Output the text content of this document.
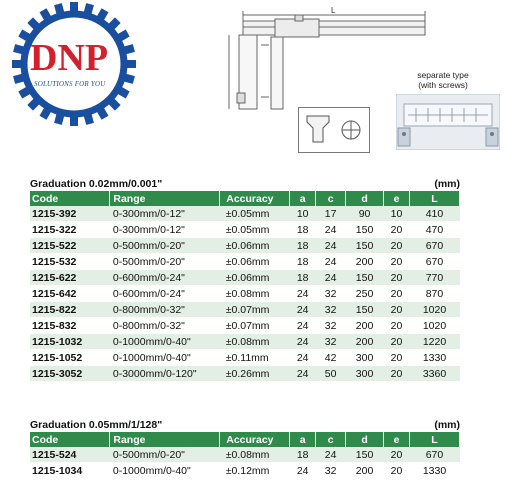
DNP
SOLUTIONS FOR YOU
L
separate type
(with screws)
Graduation 0.02mm/0.001"	(mm)
Code	Range	Accuracy	a	c	d	e	L
1215-392	0-300mm/0-12"	±0.05mm	10	17	90	10	410
1215-322	0-300mm/0-12"	±0.05mm	18	24	150	20	470
1215-522	0-500mm/0-20"	±0.06mm	18	24	150	20	670
1215-532	0-500mm/0-20"	±0.06mm	18	24	200	20	670
1215-622	0-600mm/0-24"	±0.06mm	18	24	150	20	770
1215-642	0-600mm/0-24"	±0.08mm	24	32	250	20	870
1215-822	0-800mm/0-32"	±0.07mm	24	32	150	20	1020
1215-832	0-800mm/0-32"	±0.07mm	24	32	200	20	1020
1215-1032	0-1000mm/0-40"	±0.08mm	24	32	200	20	1220
1215-1052	0-1000mm/0-40"	±0.11mm	24	42	300	20	1330
1215-3052	0-3000mm/0-120"	±0.26mm	24	50	300	20	3360
Graduation 0.05mm/1/128"	(mm)
Code	Range	Accuracy	a	c	d	e	L
1215-524	0-500mm/0-20"	±0.08mm	18	24	150	20	670
1215-1034	0-1000mm/0-40"	±0.12mm	24	32	200	20	1330
